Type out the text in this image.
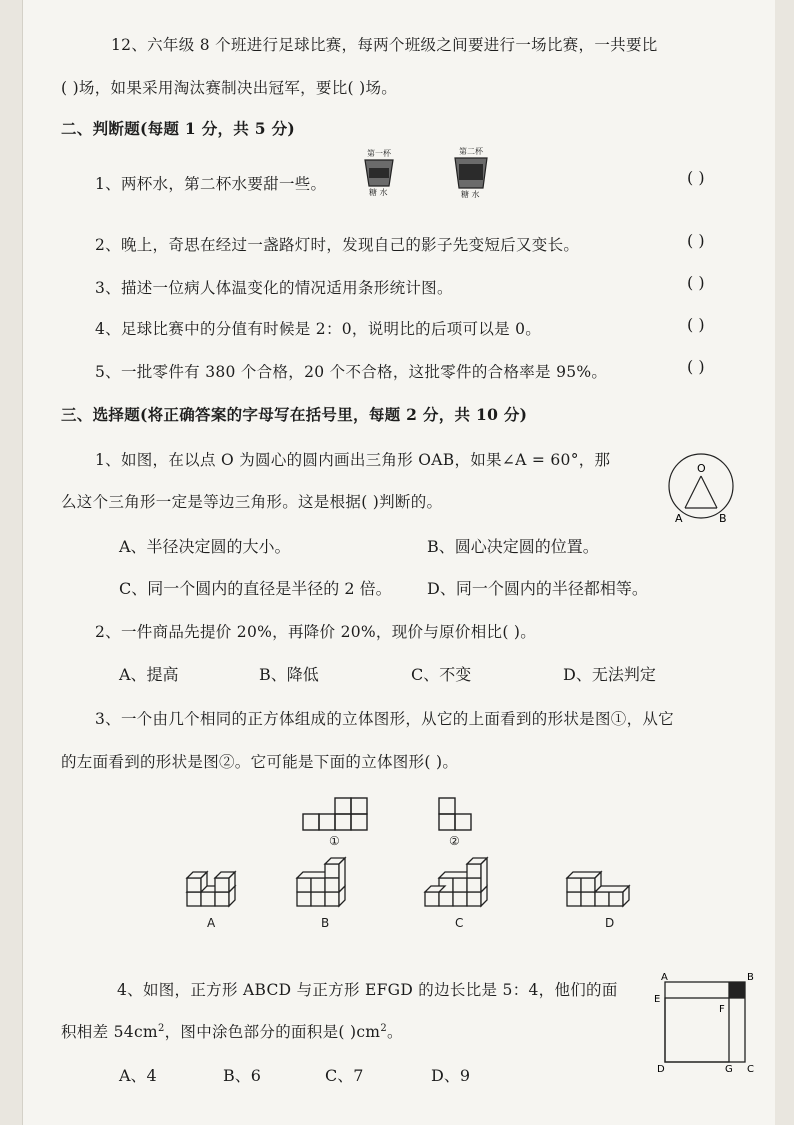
12、六年级 8 个班进行足球比赛，每两个班级之间要进行一场比赛，一共要比
( )场，如果采用淘汰赛制决出冠军，要比( )场。
二、判断题(每题 1 分，共 5 分)
1、两杯水，第二杯水要甜一些。	( )
第一杯
糖 水
第二杯
糖 水
2、晚上，奇思在经过一盏路灯时，发现自己的影子先变短后又变长。	( )
3、描述一位病人体温变化的情况适用条形统计图。	( )
4、足球比赛中的分值有时候是 2：0，说明比的后项可以是 0。	( )
5、一批零件有 380 个合格，20 个不合格，这批零件的合格率是 95%。	( )
三、选择题(将正确答案的字母写在括号里，每题 2 分，共 10 分)
1、如图，在以点 O 为圆心的圆内画出三角形 OAB，如果∠A = 60°，那
么这个三角形一定是等边三角形。这是根据( )判断的。
O
A	B
A、半径决定圆的大小。	B、圆心决定圆的位置。
C、同一个圆内的直径是半径的 2 倍。 D、同一个圆内的半径都相等。
2、一件商品先提价 20%，再降价 20%，现价与原价相比( )。
A、提高	B、降低	C、不变	D、无法判定
3、一个由几个相同的正方体组成的立体图形，从它的上面看到的形状是图①，从它
的左面看到的形状是图②。它可能是下面的立体图形( )。
①	②
A	B	C	D
4、如图，正方形 ABCD 与正方形 EFGD 的边长比是 5：4，他们的面
积相差 $54cm^2$，图中涂色部分的面积是( )$cm^2$。
A、4	B、6	C、7	D、9
A	B
C
D
E
F
G
